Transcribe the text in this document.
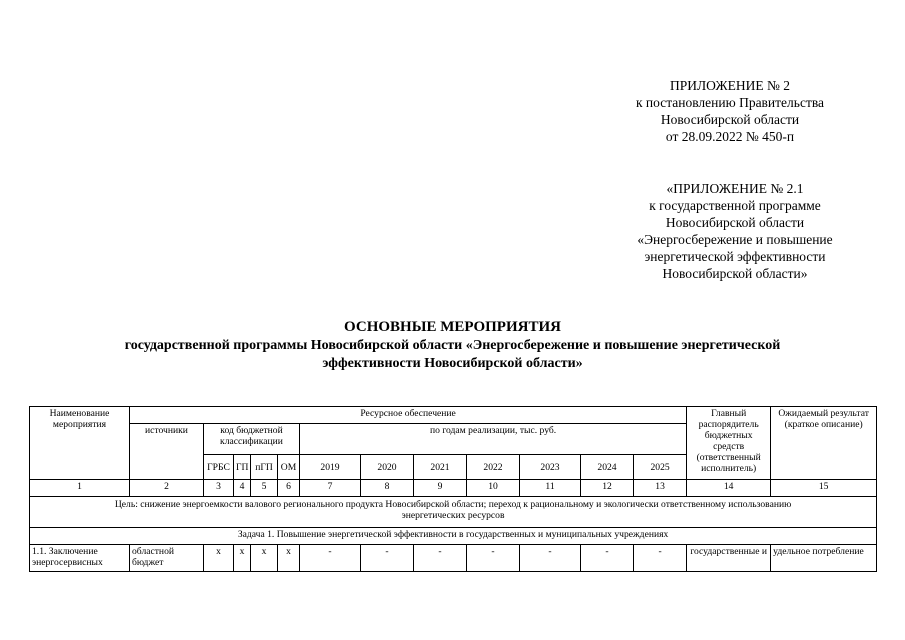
ПРИЛОЖЕНИЕ № 2
к постановлению Правительства
Новосибирской области
от 28.09.2022 № 450-п
«ПРИЛОЖЕНИЕ № 2.1
к государственной программе
Новосибирской области
«Энергосбережение и повышение
энергетической эффективности
Новосибирской области»
ОСНОВНЫЕ МЕРОПРИЯТИЯ
государственной программы Новосибирской области «Энергосбережение и повышение энергетической
эффективности Новосибирской области»
Наименование мероприятия	Ресурсное обеспечение												Главный распорядитель бюджетных средств (ответственный исполнитель)	Ожидаемый результат (краткое описание)
	источники	код бюджетной классификации				по годам реализации, тыс. руб.								
		ГРБС	ГП	пГП	ОМ	2019	2020	2021	2022	2023	2024	2025		
1	2	3	4	5	6	7	8	9	10	11	12	13	14	15
Цель: снижение энергоемкости валового регионального продукта Новосибирской области; переход к рациональному и экологически ответственному использованию энергетических ресурсов														
Задача 1. Повышение энергетической эффективности в государственных и муниципальных учреждениях														
1.1. Заключение энергосервисных	областной бюджет	х	х	х	х	-	-	-	-	-	-	-	государственные и	удельное потребление
